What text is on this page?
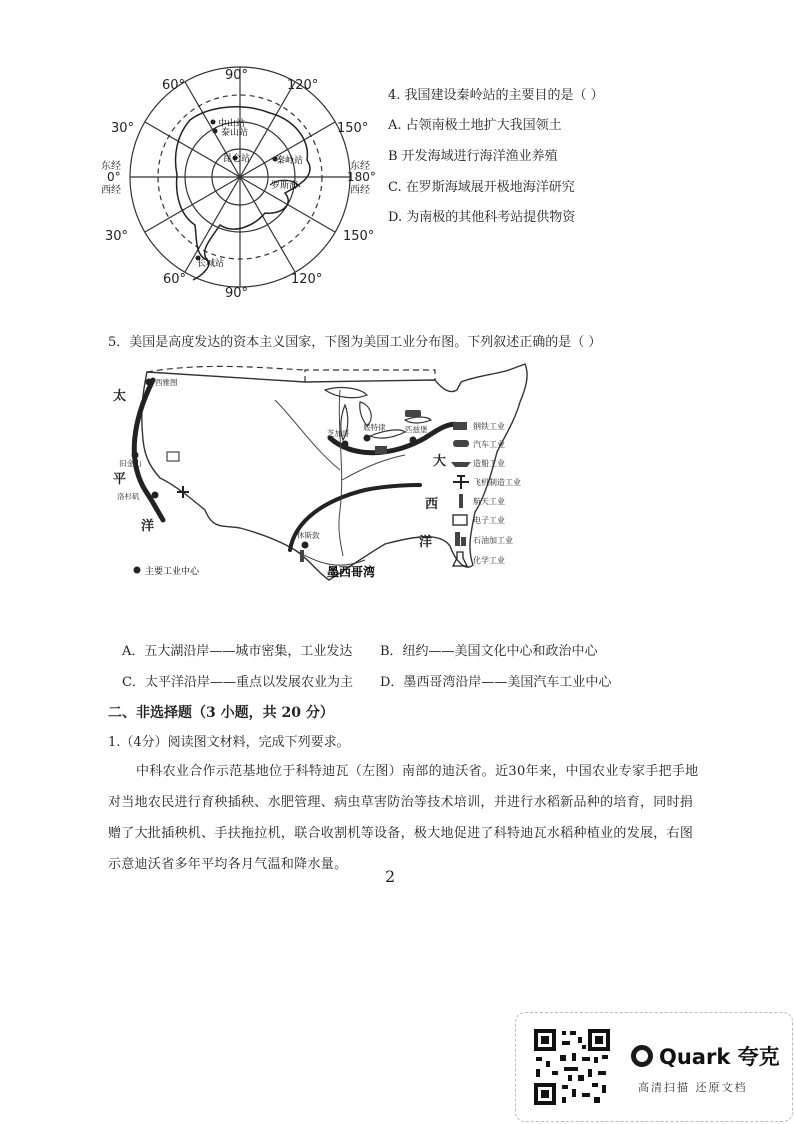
中山站
泰山站
昆仑站	秦岭站
罗斯海
长城站
60°
90°
120°
30°	150°
30°	150°
60°
90°
120°
东经
0°
西经
东经
180°
西经
4. 我国建设秦岭站的主要目的是（ ）
A. 占领南极土地扩大我国领土
B 开发海域进行海洋渔业养殖
C. 在罗斯海域展开极地海洋研究
D. 为南极的其他科考站提供物资
5．美国是高度发达的资本主义国家，下图为美国工业分布图。下列叙述正确的是（ ）
西雅图
旧金山
洛杉矶
芝加哥
底特律	匹兹堡
休斯敦
太
平
洋
大
西
洋
墨西哥湾
主要工业中心
钢铁工业
汽车工业
造船工业
飞机制造工业
航天工业
电子工业
石油加工业
化学工业
A．五大湖沿岸——城市密集，工业发达 B．纽约——美国文化中心和政治中心
C．太平洋沿岸——重点以发展农业为主 D．墨西哥湾沿岸——美国汽车工业中心
二、非选择题（3 小题，共 20 分）
1.（4分）阅读图文材料，完成下列要求。
中科农业合作示范基地位于科特迪瓦（左图）南部的迪沃省。近30年来，中国农业专家手把手地
对当地农民进行育秧插秧、水肥管理、病虫草害防治等技术培训，并进行水稻新品种的培育，同时捐
赠了大批插秧机、手扶拖拉机，联合收割机等设备，极大地促进了科特迪瓦水稻种植业的发展，右图
示意迪沃省多年平均各月气温和降水量。
2
Quark 夸克
高清扫描 还原文档
